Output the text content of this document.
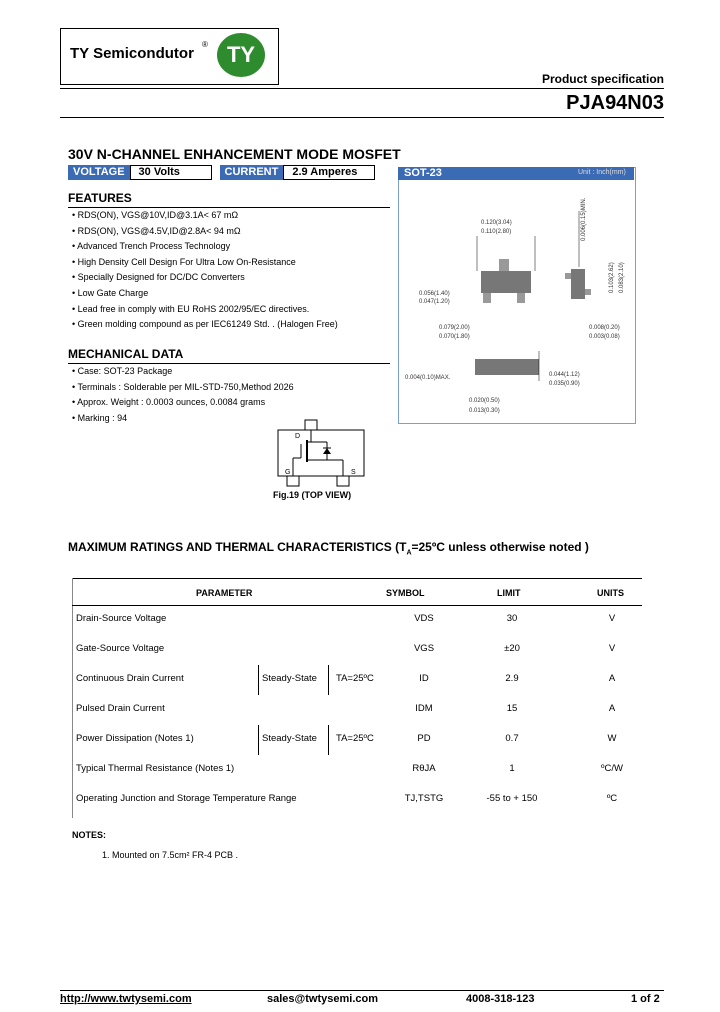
TY Semicondutor
® TY
Product specification
PJA94N03
30V N-CHANNEL ENHANCEMENT MODE MOSFET
VOLTAGE	30 Volts	CURRENT	2.9 Amperes
FEATURES
• RDS(ON), VGS@10V,ID@3.1A< 67 mΩ
• RDS(ON), VGS@4.5V,ID@2.8A< 94 mΩ
• Advanced Trench Process Technology
• High Density Cell Design For Ultra Low On-Resistance
• Specially Designed for DC/DC Converters
• Low Gate Charge
• Lead free in comply with EU RoHS 2002/95/EC directives.
• Green molding compound as per IEC61249 Std. . (Halogen Free)
MECHANICAL DATA
• Case: SOT-23 Package
• Terminals : Solderable per MIL-STD-750,Method 2026
• Approx. Weight : 0.0003 ounces, 0.0084 grams
• Marking : 94
D
G	S
Fig.19 (TOP VIEW)
SOT-23	Unit : Inch(mm)
0.120(3.04)
0.110(2.80)	0.006(0.15)MIN.
0.056(1.40)
0.047(1.20)
0.079(2.00)
0.070(1.80)
0.103(2.62) 0.083(2.10)
0.008(0.20)
0.003(0.08)
0.004(0.10)MAX.	0.044(1.12)
0.035(0.90)
0.020(0.50)
0.013(0.30)
MAXIMUM RATINGS AND THERMAL CHARACTERISTICS ($T_A=25ºC$ unless otherwise noted )
PARAMETER	SYMBOL	LIMIT	UNITS
Drain-Source Voltage	VDS	30	V
Gate-Source Voltage	VGS	±20	V
Continuous Drain Current	Steady-State TA=25ºC	ID	2.9	A
Pulsed Drain Current	IDM	15	A
Power Dissipation (Notes 1)	Steady-State TA=25ºC	PD	0.7	W
Typical Thermal Resistance (Notes 1)	RθJA	1	ºC/W
Operating Junction and Storage Temperature Range	TJ,TSTG	-55 to + 150	ºC
NOTES:
1. Mounted on 7.5cm² FR-4 PCB .
http://www.twtysemi.com	sales@twtysemi.com	4008-318-123	1 of 2
